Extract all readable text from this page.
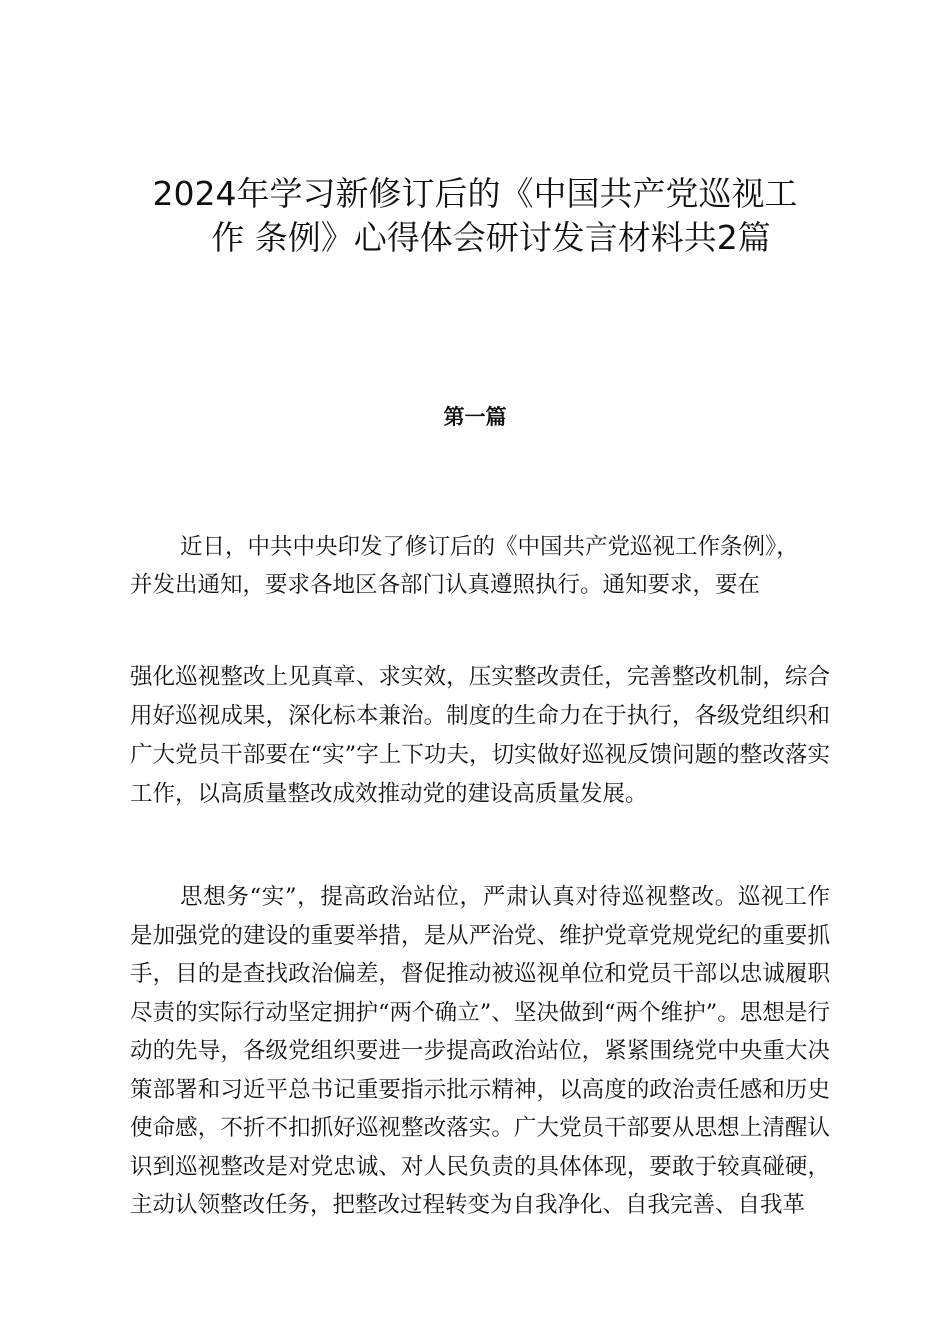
2024年学习新修订后的《中国共产党巡视工
作 条例》心得体会研讨发言材料共2篇
第一篇

近日，中共中央印发了修订后的《中国共产党巡视工作条例》，并发出通知，要求各地区各部门认真遵照执行。通知要求，要在

强化巡视整改上见真章、求实效，压实整改责任，完善整改机制，综合用好巡视成果，深化标本兼治。制度的生命力在于执行，各级党组织和广大党员干部要在“实”字上下功夫，切实做好巡视反馈问题的整改落实工作，以高质量整改成效推动党的建设高质量发展。

思想务“实”，提高政治站位，严肃认真对待巡视整改。巡视工作是加强党的建设的重要举措，是从严治党、维护党章党规党纪的重要抓手，目的是查找政治偏差，督促推动被巡视单位和党员干部以忠诚履职尽责的实际行动坚定拥护“两个确立”、坚决做到“两个维护”。思想是行动的先导，各级党组织要进一步提高政治站位，紧紧围绕党中央重大决策部署和习近平总书记重要指示批示精神，以高度的政治责任感和历史使命感，不折不扣抓好巡视整改落实。广大党员干部要从思想上清醒认识到巡视整改是对党忠诚、对人民负责的具体体现，要敢于较真碰硬，主动认领整改任务，把整改过程转变为自我净化、自我完善、自我革
